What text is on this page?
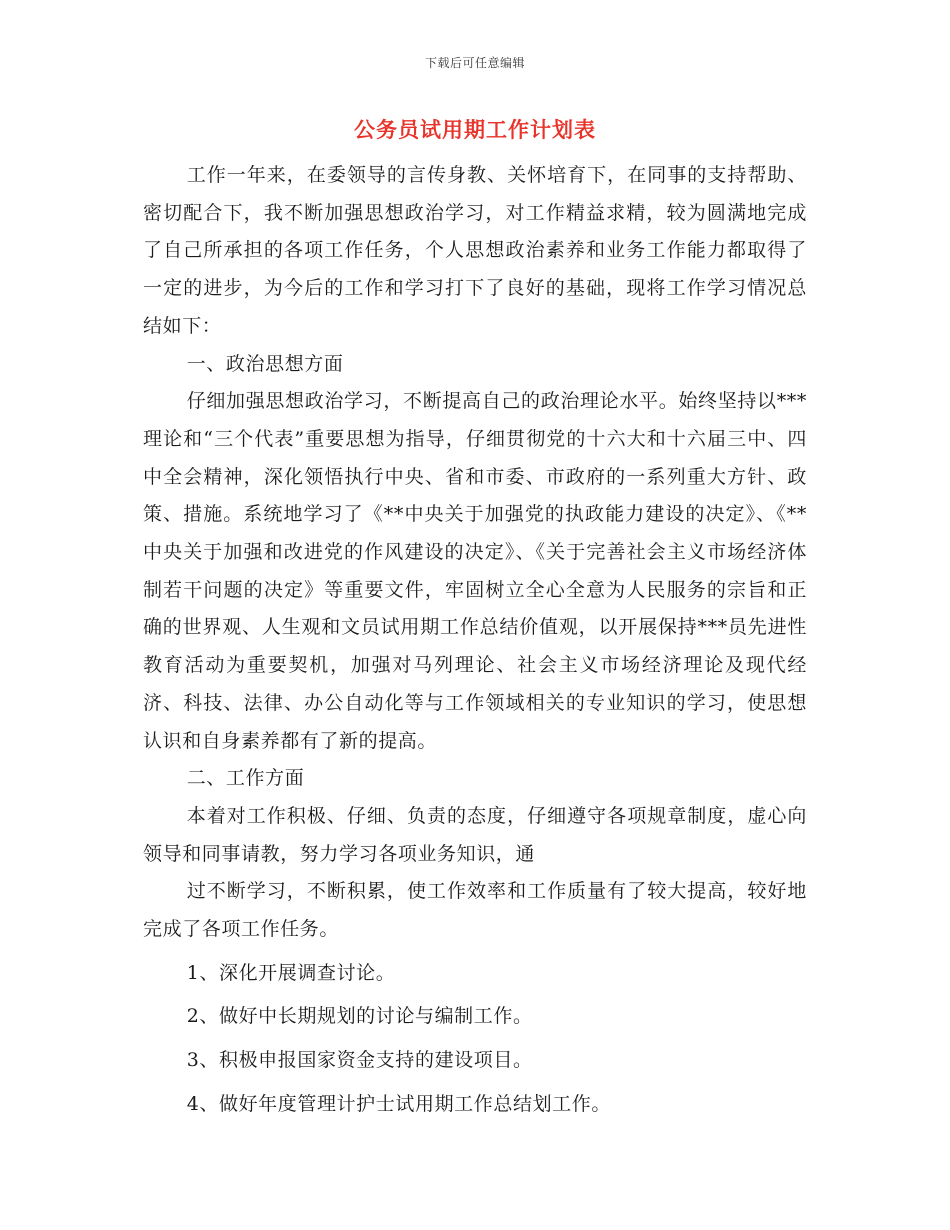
下载后可任意编辑
公务员试用期工作计划表

工作一年来，在委领导的言传身教、关怀培育下，在同事的支持帮助、密切配合下，我不断加强思想政治学习，对工作精益求精，较为圆满地完成了自己所承担的各项工作任务，个人思想政治素养和业务工作能力都取得了一定的进步，为今后的工作和学习打下了良好的基础，现将工作学习情况总结如下：

一、政治思想方面

仔细加强思想政治学习，不断提高自己的政治理论水平。始终坚持以***理论和“三个代表”重要思想为指导，仔细贯彻党的十六大和十六届三中、四中全会精神，深化领悟执行中央、省和市委、市政府的一系列重大方针、政策、措施。系统地学习了《**中央关于加强党的执政能力建设的决定》、《**中央关于加强和改进党的作风建设的决定》、《关于完善社会主义市场经济体制若干问题的决定》等重要文件，牢固树立全心全意为人民服务的宗旨和正确的世界观、人生观和文员试用期工作总结价值观，以开展保持***员先进性教育活动为重要契机，加强对马列理论、社会主义市场经济理论及现代经济、科技、法律、办公自动化等与工作领域相关的专业知识的学习，使思想认识和自身素养都有了新的提高。

二、工作方面

本着对工作积极、仔细、负责的态度，仔细遵守各项规章制度，虚心向领导和同事请教，努力学习各项业务知识，通

过不断学习，不断积累，使工作效率和工作质量有了较大提高，较好地完成了各项工作任务。

1、深化开展调查讨论。

2、做好中长期规划的讨论与编制工作。

3、积极申报国家资金支持的建设项目。

4、做好年度管理计护士试用期工作总结划工作。
